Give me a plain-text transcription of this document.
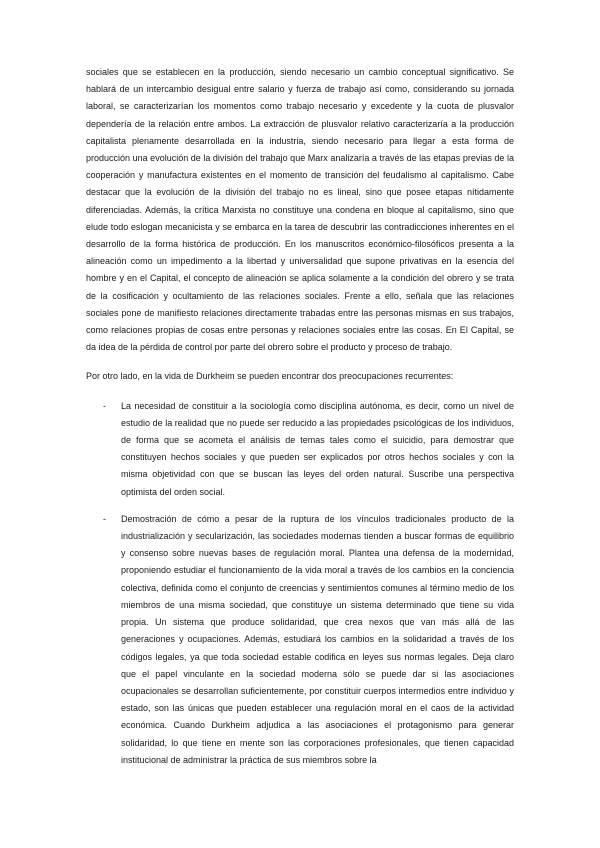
sociales que se establecen en la producción, siendo necesario un cambio conceptual significativo. Se hablará de un intercambio desigual entre salario y fuerza de trabajo así como, considerando su jornada laboral, se caracterizarían los momentos como trabajo necesario y excedente y la cuota de plusvalor dependería de la relación entre ambos. La extracción de plusvalor relativo caracterizaría a la producción capitalista plenamente desarrollada en la industria, siendo necesario para llegar a esta forma de producción una evolución de la división del trabajo que Marx analizaría a través de las etapas previas de la cooperación y manufactura existentes en el momento de transición del feudalismo al capitalismo. Cabe destacar que la evolución de la división del trabajo no es lineal, sino que posee etapas nítidamente diferenciadas. Además, la crítica Marxista no constituye una condena en bloque al capitalismo, sino que elude todo eslogan mecanicista y se embarca en la tarea de descubrir las contradicciones inherentes en el desarrollo de la forma histórica de producción. En los manuscritos económico-filosóficos presenta a la alineación como un impedimento a la libertad y universalidad que supone privativas en la esencia del hombre y en el Capital, el concepto de alineación se aplica solamente a la condición del obrero y se trata de la cosificación y ocultamiento de las relaciones sociales. Frente a ello, señala que las relaciones sociales pone de manifiesto relaciones directamente trabadas entre las personas mismas en sus trabajos, como relaciones propias de cosas entre personas y relaciones sociales entre las cosas. En El Capital, se da idea de la pérdida de control por parte del obrero sobre el producto y proceso de trabajo.

Por otro lado, en la vida de Durkheim se pueden encontrar dos preocupaciones recurrentes:

- La necesidad de constituir a la sociología como disciplina autónoma, es decir, como un nivel de estudio de la realidad que no puede ser reducido a las propiedades psicológicas de los individuos, de forma que se acometa el análisis de temas tales como el suicidio, para demostrar que constituyen hechos sociales y que pueden ser explicados por otros hechos sociales y con la misma objetividad con que se buscan las leyes del orden natural. Suscribe una perspectiva optimista del orden social.
- Demostración de cómo a pesar de la ruptura de los vínculos tradicionales producto de la industrialización y secularización, las sociedades modernas tienden a buscar formas de equilibrio y consenso sobre nuevas bases de regulación moral. Plantea una defensa de la modernidad, proponiendo estudiar el funcionamiento de la vida moral a través de los cambios en la conciencia colectiva, definida como el conjunto de creencias y sentimientos comunes al término medio de los miembros de una misma sociedad, que constituye un sistema determinado que tiene su vida propia. Un sistema que produce solidaridad, que crea nexos que van más allá de las generaciones y ocupaciones. Además, estudiará los cambios en la solidaridad a través de los códigos legales, ya que toda sociedad estable codifica en leyes sus normas legales. Deja claro que el papel vinculante en la sociedad moderna sólo se puede dar si las asociaciones ocupacionales se desarrollan suficientemente, por constituir cuerpos intermedios entre individuo y estado, son las únicas que pueden establecer una regulación moral en el caos de la actividad económica. Cuando Durkheim adjudica a las asociaciones el protagonismo para generar solidaridad, lo que tiene en mente son las corporaciones profesionales, que tienen capacidad institucional de administrar la práctica de sus miembros sobre la
